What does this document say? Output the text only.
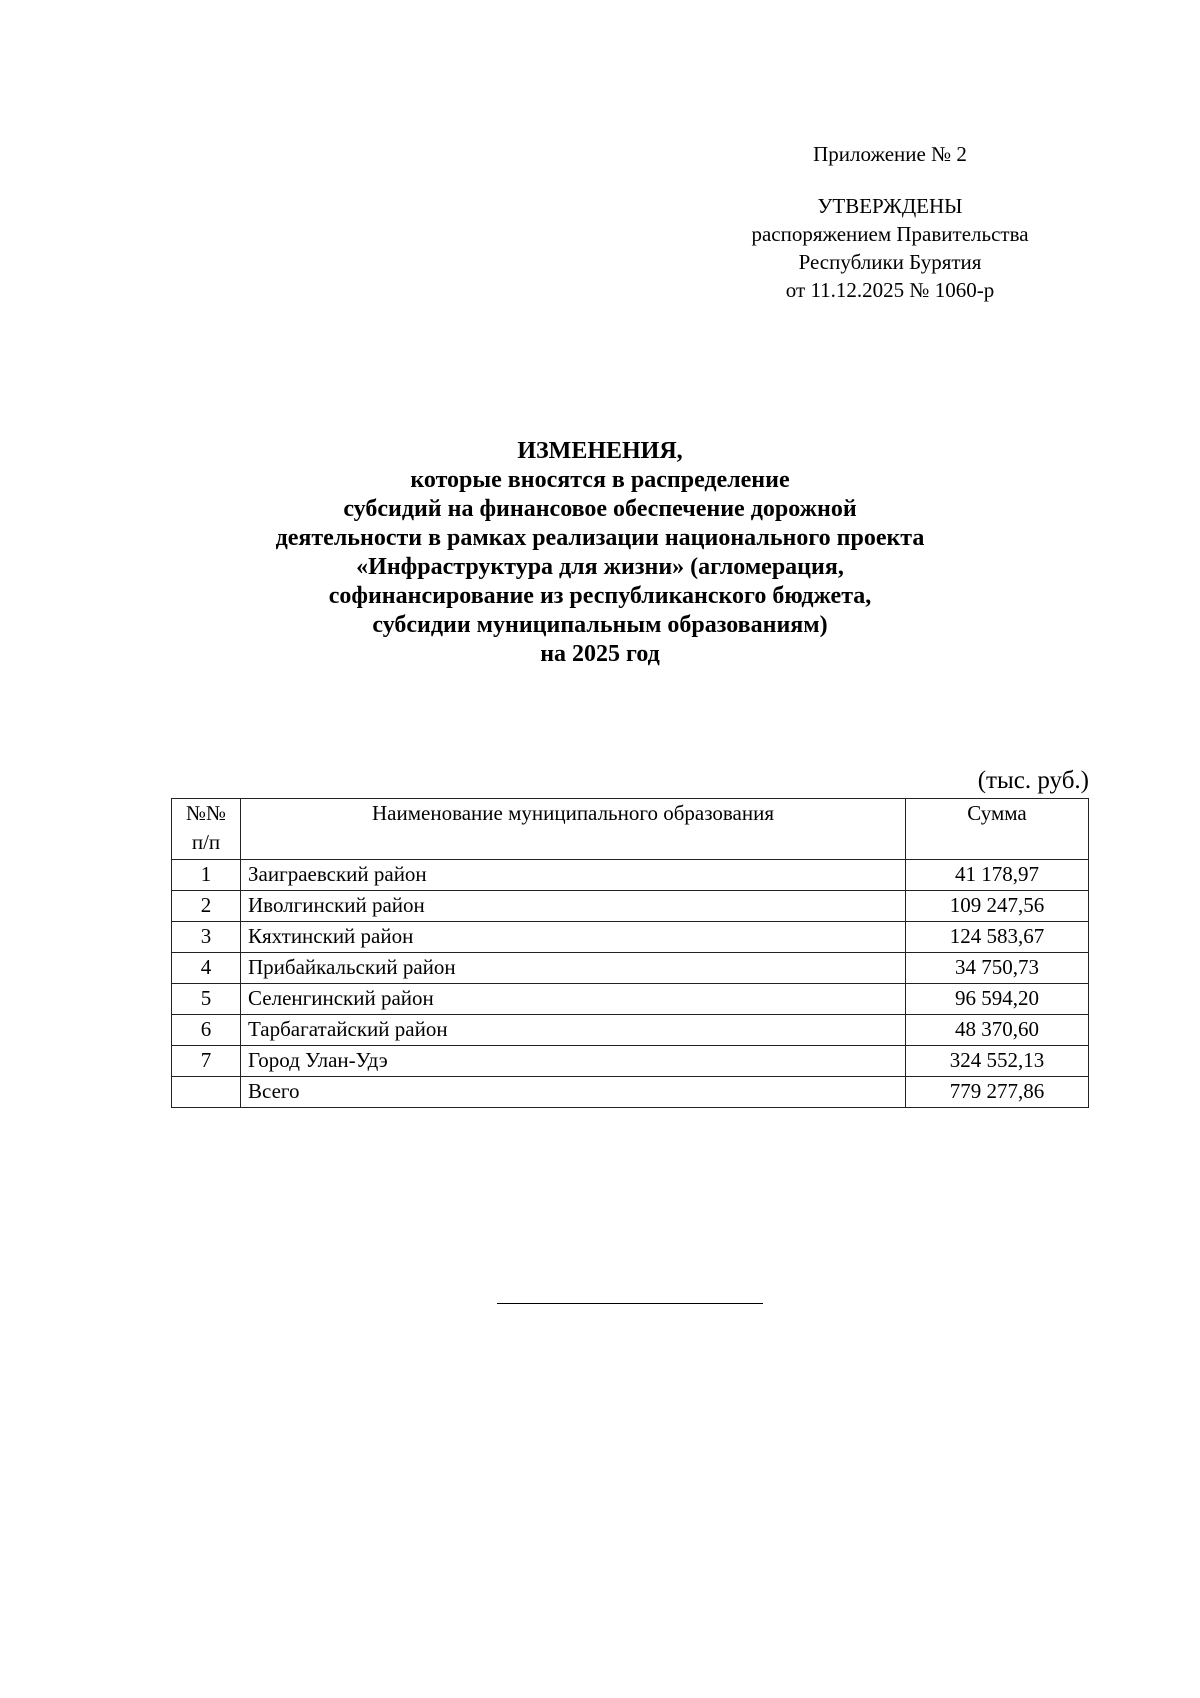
Приложение № 2
УТВЕРЖДЕНЫ
распоряжением Правительства
Республики Бурятия
от 11.12.2025 № 1060-р
ИЗМЕНЕНИЯ,
которые вносятся в распределение
субсидий на финансовое обеспечение дорожной
деятельности в рамках реализации национального проекта
«Инфраструктура для жизни» (агломерация,
софинансирование из республиканского бюджета,
субсидии муниципальным образованиям)
на 2025 год
(тыс. руб.)
№№
п/п	Наименование муниципального образования	Сумма
1	Заиграевский район	41 178,97
2	Иволгинский район	109 247,56
3	Кяхтинский район	124 583,67
4	Прибайкальский район	34 750,73
5	Селенгинский район	96 594,20
6	Тарбагатайский район	48 370,60
7	Город Улан-Удэ	324 552,13
	Всего	779 277,86
